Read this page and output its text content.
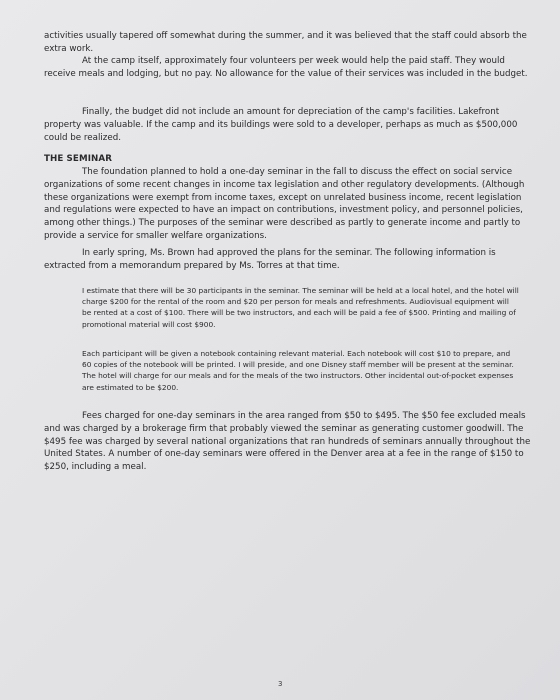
activities usually tapered off somewhat during the summer, and it was believed that the staff could absorb the extra work.

At the camp itself, approximately four volunteers per week would help the paid staff. They would receive meals and lodging, but no pay. No allowance for the value of their services was included in the budget.

Finally, the budget did not include an amount for depreciation of the camp's facilities. Lakefront property was valuable. If the camp and its buildings were sold to a developer, perhaps as much as $500,000 could be realized.

THE SEMINAR

The foundation planned to hold a one-day seminar in the fall to discuss the effect on social service organizations of some recent changes in income tax legislation and other regulatory developments. (Although these organizations were exempt from income taxes, except on unrelated business income, recent legislation and regulations were expected to have an impact on contributions, investment policy, and personnel policies, among other things.) The purposes of the seminar were described as partly to generate income and partly to provide a service for smaller welfare organizations.

In early spring, Ms. Brown had approved the plans for the seminar. The following information is extracted from a memorandum prepared by Ms. Torres at that time.

I estimate that there will be 30 participants in the seminar. The seminar will be held at a local hotel, and the hotel will charge $200 for the rental of the room and $20 per person for meals and refreshments. Audiovisual equipment will be rented at a cost of $100. There will be two instructors, and each will be paid a fee of $500. Printing and mailing of promotional material will cost $900.

Each participant will be given a notebook containing relevant material. Each notebook will cost $10 to prepare, and 60 copies of the notebook will be printed. I will preside, and one Disney staff member will be present at the seminar. The hotel will charge for our meals and for the meals of the two instructors. Other incidental out-of-pocket expenses are estimated to be $200.

Fees charged for one-day seminars in the area ranged from $50 to $495. The $50 fee excluded meals and was charged by a brokerage firm that probably viewed the seminar as generating customer goodwill. The $495 fee was charged by several national organizations that ran hundreds of seminars annually throughout the United States. A number of one-day seminars were offered in the Denver area at a fee in the range of $150 to $250, including a meal.

3
